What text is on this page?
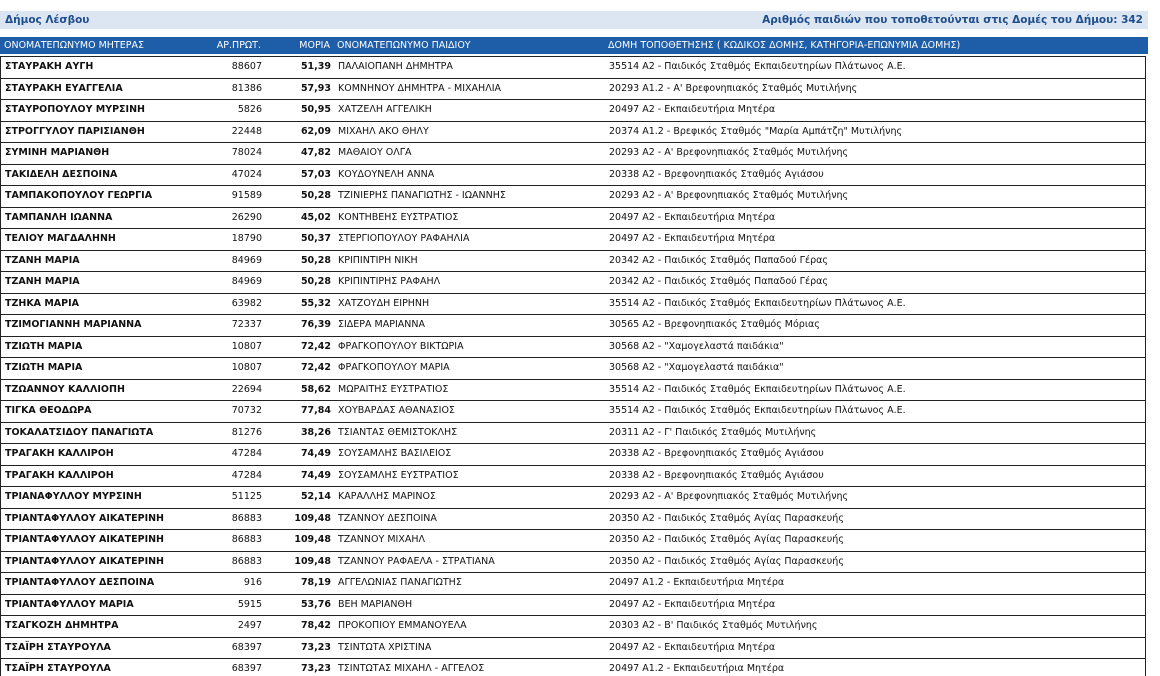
Δήμος Λέσβου	Αριθμός παιδιών που τοποθετούνται στις Δομές του Δήμου: 342
ΟΝΟΜΑΤΕΠΩΝΥΜΟ ΜΗΤΕΡΑΣ	ΑΡ.ΠΡΩΤ.	ΜΟΡΙΑ ΟΝΟΜΑΤΕΠΩΝΥΜΟ ΠΑΙΔΙΟΥ	ΔΟΜΗ ΤΟΠΟΘΕΤΗΣΗΣ ( ΚΩΔΙΚΟΣ ΔΟΜΗΣ, ΚΑΤΗΓΟΡΙΑ-ΕΠΩΝΥΜΙΑ ΔΟΜΗΣ)
ΣΤΑΥΡΑΚΗ ΑΥΓΗ	88607	51,39 ΠΑΛΑΙΟΠΑΝΗ ΔΗΜΗΤΡΑ	35514 Α2 - Παιδικός Σταθμός Εκπαιδευτηρίων Πλάτωνος Α.Ε.
ΣΤΑΥΡΑΚΗ ΕΥΑΓΓΕΛΙΑ	81386	57,93 ΚΟΜΝΗΝΟΥ ΔΗΜΗΤΡΑ - ΜΙΧΑΗΛΙΑ	20293 Α1.2 - Α' Βρεφονηπιακός Σταθμός Μυτιλήνης
ΣΤΑΥΡΟΠΟΥΛΟΥ ΜΥΡΣΙΝΗ	5826	50,95 ΧΑΤΖΕΛΗ ΑΓΓΕΛΙΚΗ	20497 Α2 - Εκπαιδευτήρια Μητέρα
ΣΤΡΟΓΓΥΛΟΥ ΠΑΡΙΣΙΑΝΘΗ	22448	62,09 ΜΙΧΑΗΛ ΑΚΟ ΘΗΛΥ	20374 Α1.2 - Βρεφικός Σταθμός "Μαρία Αμπάτζη" Μυτιλήνης
ΣΥΜΙΝΗ ΜΑΡΙΑΝΘΗ	78024	47,82 ΜΑΘΑΙΟΥ ΟΛΓΑ	20293 Α2 - Α' Βρεφονηπιακός Σταθμός Μυτιλήνης
ΤΑΚΙΔΕΛΗ ΔΕΣΠΟΙΝΑ	47024	57,03 ΚΟΥΔΟΥΝΕΛΗ ΑΝΝΑ	20338 Α2 - Βρεφονηπιακός Σταθμός Αγιάσου
ΤΑΜΠΑΚΟΠΟΥΛΟΥ ΓΕΩΡΓΙΑ	91589	50,28 ΤΖΙΝΙΕΡΗΣ ΠΑΝΑΓΙΩΤΗΣ - ΙΩΑΝΝΗΣ	20293 Α2 - Α' Βρεφονηπιακός Σταθμός Μυτιλήνης
ΤΑΜΠΑΝΛΗ ΙΩΑΝΝΑ	26290	45,02 ΚΟΝΤΗΒΕΗΣ ΕΥΣΤΡΑΤΙΟΣ	20497 Α2 - Εκπαιδευτήρια Μητέρα
ΤΕΛΙΟΥ ΜΑΓΔΑΛΗΝΗ	18790	50,37 ΣΤΕΡΓΙΟΠΟΥΛΟΥ ΡΑΦΑΗΛΙΑ	20497 Α2 - Εκπαιδευτήρια Μητέρα
ΤΖΑΝΗ ΜΑΡΙΑ	84969	50,28 ΚΡΙΠΙΝΤΙΡΗ ΝΙΚΗ	20342 Α2 - Παιδικός Σταθμός Παπαδού Γέρας
ΤΖΑΝΗ ΜΑΡΙΑ	84969	50,28 ΚΡΙΠΙΝΤΙΡΗΣ ΡΑΦΑΗΛ	20342 Α2 - Παιδικός Σταθμός Παπαδού Γέρας
ΤΖΗΚΑ ΜΑΡΙΑ	63982	55,32 ΧΑΤΖΟΥΔΗ ΕΙΡΗΝΗ	35514 Α2 - Παιδικός Σταθμός Εκπαιδευτηρίων Πλάτωνος Α.Ε.
ΤΖΙΜΟΓΙΑΝΝΗ ΜΑΡΙΑΝΝΑ	72337	76,39 ΣΙΔΕΡΑ ΜΑΡΙΑΝΝΑ	30565 Α2 - Βρεφονηπιακός Σταθμός Μόριας
ΤΖΙΩΤΗ ΜΑΡΙΑ	10807	72,42 ΦΡΑΓΚΟΠΟΥΛΟΥ ΒΙΚΤΩΡΙΑ	30568 Α2 - "Χαμογελαστά παιδάκια"
ΤΖΙΩΤΗ ΜΑΡΙΑ	10807	72,42 ΦΡΑΓΚΟΠΟΥΛΟΥ ΜΑΡΙΑ	30568 Α2 - "Χαμογελαστά παιδάκια"
ΤΖΩΑΝΝΟΥ ΚΑΛΛΙΟΠΗ	22694	58,62 ΜΩΡΑΙΤΗΣ ΕΥΣΤΡΑΤΙΟΣ	35514 Α2 - Παιδικός Σταθμός Εκπαιδευτηρίων Πλάτωνος Α.Ε.
ΤΙΓΚΑ ΘΕΟΔΩΡΑ	70732	77,84 ΧΟΥΒΑΡΔΑΣ ΑΘΑΝΑΣΙΟΣ	35514 Α2 - Παιδικός Σταθμός Εκπαιδευτηρίων Πλάτωνος Α.Ε.
ΤΟΚΑΛΑΤΣΙΔΟΥ ΠΑΝΑΓΙΩΤΑ	81276	38,26 ΤΣΙΑΝΤΑΣ ΘΕΜΙΣΤΟΚΛΗΣ	20311 Α2 - Γ' Παιδικός Σταθμός Μυτιλήνης
ΤΡΑΓΑΚΗ ΚΑΛΛΙΡΟΗ	47284	74,49 ΣΟΥΣΑΜΛΗΣ ΒΑΣΙΛΕΙΟΣ	20338 Α2 - Βρεφονηπιακός Σταθμός Αγιάσου
ΤΡΑΓΑΚΗ ΚΑΛΛΙΡΟΗ	47284	74,49 ΣΟΥΣΑΜΛΗΣ ΕΥΣΤΡΑΤΙΟΣ	20338 Α2 - Βρεφονηπιακός Σταθμός Αγιάσου
ΤΡΙΑΝΑΦΥΛΛΟΥ ΜΥΡΣΙΝΗ	51125	52,14 ΚΑΡΑΛΛΗΣ ΜΑΡΙΝΟΣ	20293 Α2 - Α' Βρεφονηπιακός Σταθμός Μυτιλήνης
ΤΡΙΑΝΤΑΦΥΛΛΟΥ ΑΙΚΑΤΕΡΙΝΗ	86883	109,48 ΤΖΑΝΝΟΥ ΔΕΣΠΟΙΝΑ	20350 Α2 - Παιδικός Σταθμός Αγίας Παρασκευής
ΤΡΙΑΝΤΑΦΥΛΛΟΥ ΑΙΚΑΤΕΡΙΝΗ	86883	109,48 ΤΖΑΝΝΟΥ ΜΙΧΑΗΛ	20350 Α2 - Παιδικός Σταθμός Αγίας Παρασκευής
ΤΡΙΑΝΤΑΦΥΛΛΟΥ ΑΙΚΑΤΕΡΙΝΗ	86883	109,48 ΤΖΑΝΝΟΥ ΡΑΦΑΕΛΑ - ΣΤΡΑΤΙΑΝΑ	20350 Α2 - Παιδικός Σταθμός Αγίας Παρασκευής
ΤΡΙΑΝΤΑΦΥΛΛΟΥ ΔΕΣΠΟΙΝΑ	916	78,19 ΑΓΓΕΛΩΝΙΑΣ ΠΑΝΑΓΙΩΤΗΣ	20497 Α1.2 - Εκπαιδευτήρια Μητέρα
ΤΡΙΑΝΤΑΦΥΛΛΟΥ ΜΑΡΙΑ	5915	53,76 ΒΕΗ ΜΑΡΙΑΝΘΗ	20497 Α2 - Εκπαιδευτήρια Μητέρα
ΤΣΑΓΚΟΖΗ ΔΗΜΗΤΡΑ	2497	78,42 ΠΡΟΚΟΠΙΟΥ ΕΜΜΑΝΟΥΕΛΑ	20303 Α2 - Β' Παιδικός Σταθμός Μυτιλήνης
ΤΣΑΪΡΗ ΣΤΑΥΡΟΥΛΑ	68397	73,23 ΤΣΙΝΤΩΤΑ ΧΡΙΣΤΙΝΑ	20497 Α2 - Εκπαιδευτήρια Μητέρα
ΤΣΑΪΡΗ ΣΤΑΥΡΟΥΛΑ	68397	73,23 ΤΣΙΝΤΩΤΑΣ ΜΙΧΑΗΛ - ΑΓΓΕΛΟΣ	20497 Α1.2 - Εκπαιδευτήρια Μητέρα
